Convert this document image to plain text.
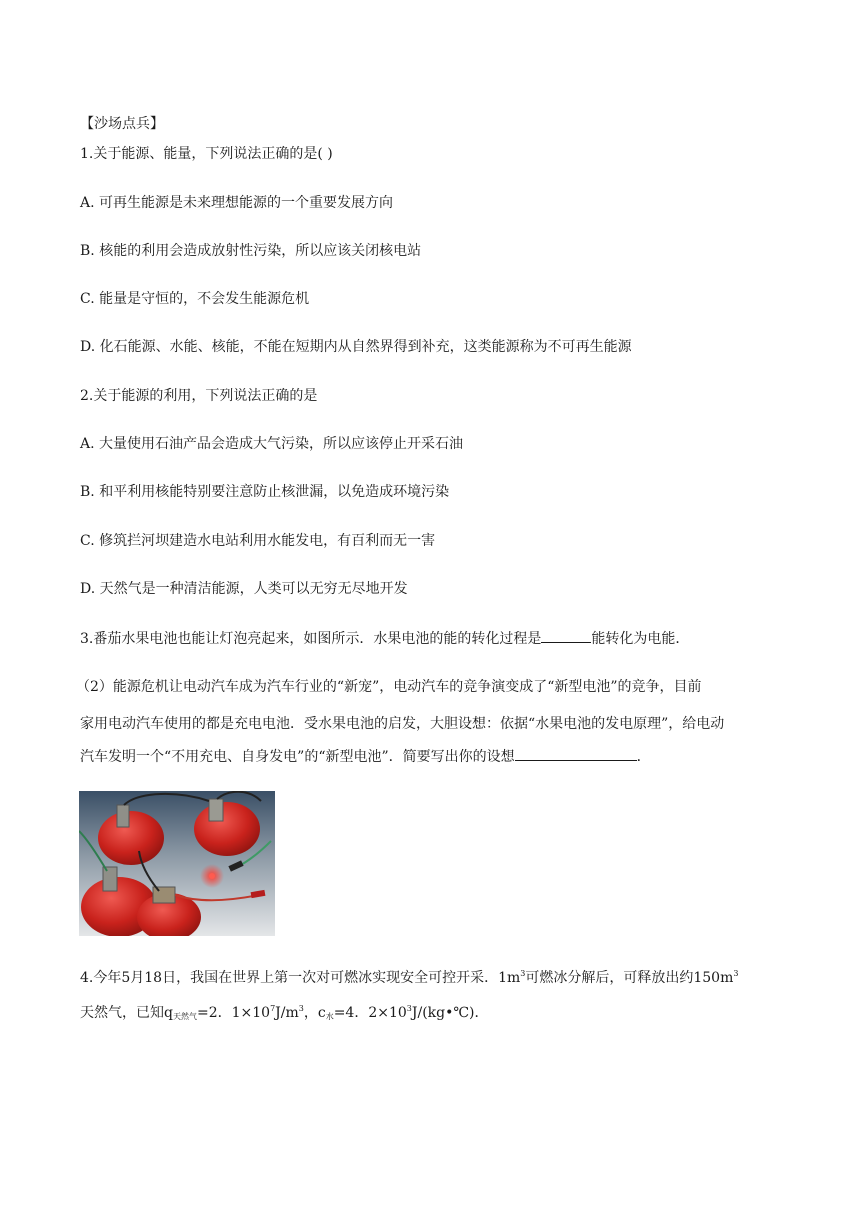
【沙场点兵】
1.关于能源、能量，下列说法正确的是( )
A. 可再生能源是未来理想能源的一个重要发展方向
B. 核能的利用会造成放射性污染，所以应该关闭核电站
C. 能量是守恒的，不会发生能源危机
D. 化石能源、水能、核能，不能在短期内从自然界得到补充，这类能源称为不可再生能源
2.关于能源的利用，下列说法正确的是
A. 大量使用石油产品会造成大气污染，所以应该停止开采石油
B. 和平利用核能特别要注意防止核泄漏，以免造成环境污染
C. 修筑拦河坝建造水电站利用水能发电，有百利而无一害
D. 天然气是一种清洁能源，人类可以无穷无尽地开发
3.番茄水果电池也能让灯泡亮起来，如图所示．水果电池的能的转化过程是	能转化为电能．
（2）能源危机让电动汽车成为汽车行业的“新宠”，电动汽车的竞争演变成了“新型电池”的竞争，目前
家用电动汽车使用的都是充电电池．受水果电池的启发，大胆设想：依据“水果电池的发电原理”，给电动
汽车发明一个“不用充电、自身发电”的“新型电池”．简要写出你的设想	．
4.今年5月18日，我国在世界上第一次对可燃冰实现安全可控开采．$1m^3$可燃冰分解后，可释放出约$150m^3$
天然气，已知$q_{天然气}=2$．$1\times 10^7J/m^3$，$c_水=4$．$2\times 10^3J/(kg•℃)$．
